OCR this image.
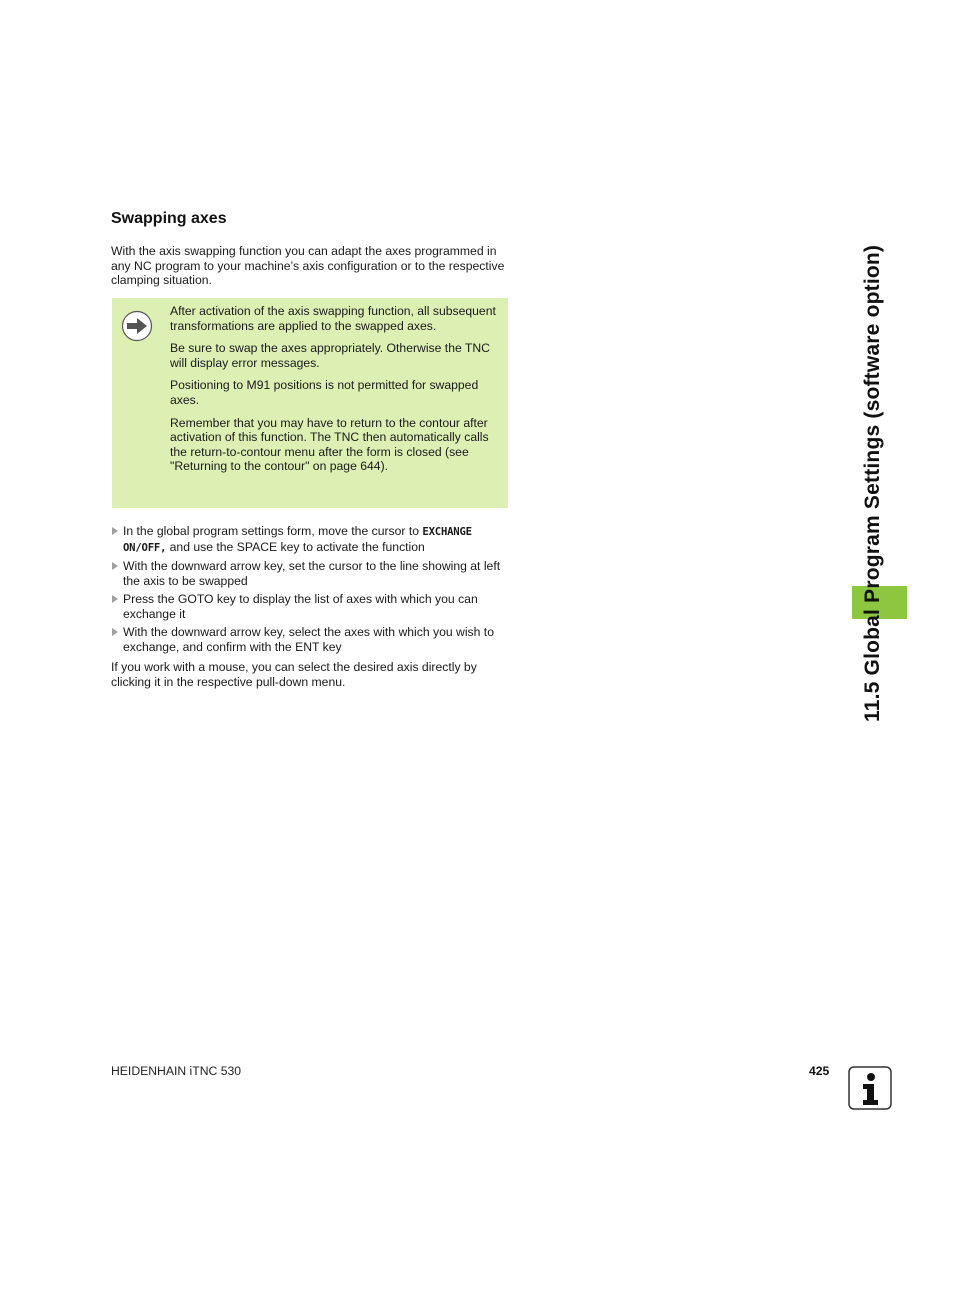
Swapping axes
With the axis swapping function you can adapt the axes programmed in any NC program to your machine’s axis configuration or to the respective clamping situation.

After activation of the axis swapping function, all subsequent transformations are applied to the swapped axes.

Be sure to swap the axes appropriately. Otherwise the TNC will display error messages.

Positioning to M91 positions is not permitted for swapped axes.

Remember that you may have to return to the contour after activation of this function. The TNC then automatically calls the return-to-contour menu after the form is closed (see "Returning to the contour" on page 644).

In the global program settings form, move the cursor to EXCHANGE ON/OFF, and use the SPACE key to activate the function
With the downward arrow key, set the cursor to the line showing at left the axis to be swapped
Press the GOTO key to display the list of axes with which you can exchange it
With the downward arrow key, select the axes with which you wish to exchange, and confirm with the ENT key
If you work with a mouse, you can select the desired axis directly by clicking it in the respective pull-down menu.	11.5 Global Program Settings (software option)
HEIDENHAIN iTNC 530	425
